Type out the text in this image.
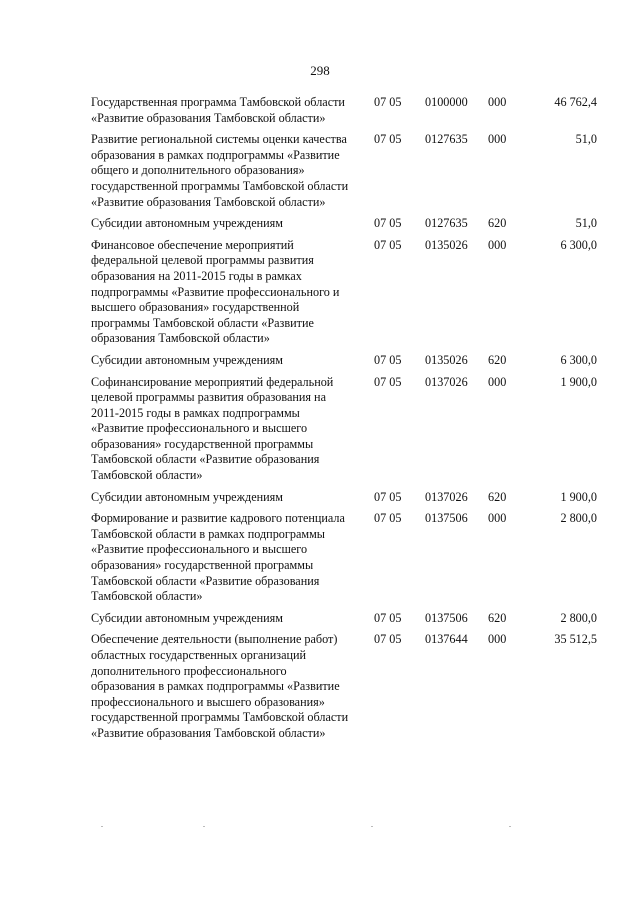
298
Государственная программа Тамбовской области «Развитие образования Тамбовской области»
07 05 0100000 000	46 762,4
Развитие региональной системы оценки качества образования в рамках подпрограммы «Развитие общего и дополнительного образования» государственной программы Тамбовской области «Развитие образования Тамбовской области»
07 05 0127635 000	51,0
Субсидии автономным учреждениям	07 05 0127635 620	51,0
Финансовое обеспечение мероприятий федеральной целевой программы развития образования на 2011-2015 годы в рамках подпрограммы «Развитие профессионального и высшего образования» государственной программы Тамбовской области «Развитие образования Тамбовской области»
07 05 0135026 000	6 300,0
Субсидии автономным учреждениям	07 05 0135026 620	6 300,0
Софинансирование мероприятий федеральной целевой программы развития образования на 2011-2015 годы в рамках подпрограммы «Развитие профессионального и высшего образования» государственной программы Тамбовской области «Развитие образования Тамбовской области»
07 05 0137026 000	1 900,0
Субсидии автономным учреждениям	07 05 0137026 620	1 900,0
Формирование и развитие кадрового потенциала Тамбовской области в рамках подпрограммы «Развитие профессионального и высшего образования» государственной программы Тамбовской области «Развитие образования Тамбовской области»
07 05 0137506 000	2 800,0
Субсидии автономным учреждениям	07 05 0137506 620	2 800,0
Обеспечение деятельности (выполнение работ) областных государственных организаций дополнительного профессионального образования в рамках подпрограммы «Развитие профессионального и высшего образования» государственной программы Тамбовской области «Развитие образования Тамбовской области»
07 05 0137644 000	35 512,5
